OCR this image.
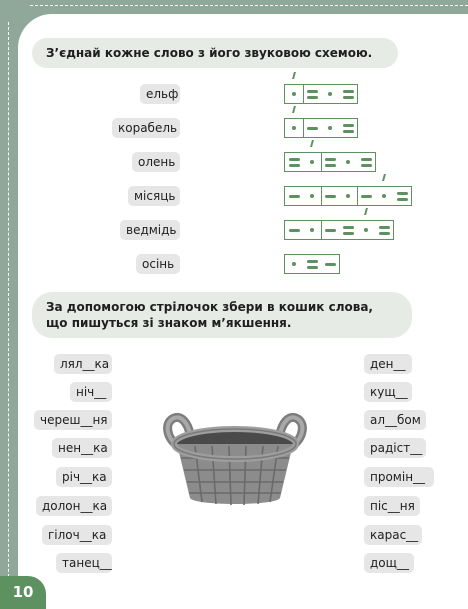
З’єднай кожне слово з його звуковою схемою.
ельф
корабель
олень
місяць
ведмідь
осінь
За допомогою стрілочок збери в кошик слова,
що пишуться зі знаком м’якшення.
лял__ка
ніч__
череш__ня
нен__ка
річ__ка
долон__ка
гілоч__ка
танец__
ден__
кущ__
ал__бом
радіст__
промін__
піс__ня
карас__
дощ__
10
